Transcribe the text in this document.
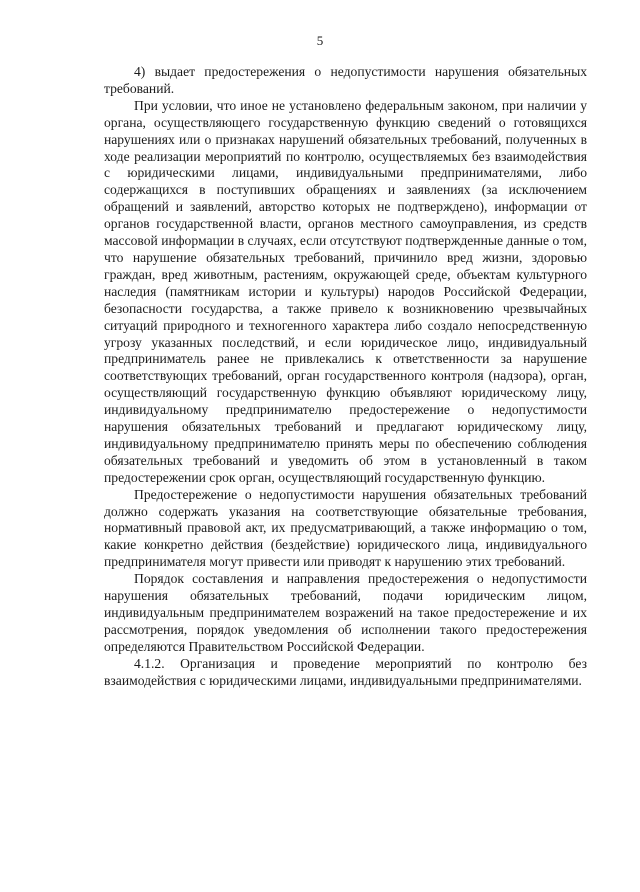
5

4) выдает предостережения о недопустимости нарушения обязательных требований.

При условии, что иное не установлено федеральным законом, при наличии у органа, осуществляющего государственную функцию сведений о готовящихся нарушениях или о признаках нарушений обязательных требований, полученных в ходе реализации мероприятий по контролю, осуществляемых без взаимодействия с юридическими лицами, индивидуальными предпринимателями, либо содержащихся в поступивших обращениях и заявлениях (за исключением обращений и заявлений, авторство которых не подтверждено), информации от органов государственной власти, органов местного самоуправления, из средств массовой информации в случаях, если отсутствуют подтвержденные данные о том, что нарушение обязательных требований, причинило вред жизни, здоровью граждан, вред животным, растениям, окружающей среде, объектам культурного наследия (памятникам истории и культуры) народов Российской Федерации, безопасности государства, а также привело к возникновению чрезвычайных ситуаций природного и техногенного характера либо создало непосредственную угрозу указанных последствий, и если юридическое лицо, индивидуальный предприниматель ранее не привлекались к ответственности за нарушение соответствующих требований, орган государственного контроля (надзора), орган, осуществляющий государственную функцию объявляют юридическому лицу, индивидуальному предпринимателю предостережение о недопустимости нарушения обязательных требований и предлагают юридическому лицу, индивидуальному предпринимателю принять меры по обеспечению соблюдения обязательных требований и уведомить об этом в установленный в таком предостережении срок орган, осуществляющий государственную функцию.

Предостережение о недопустимости нарушения обязательных требований должно содержать указания на соответствующие обязательные требования, нормативный правовой акт, их предусматривающий, а также информацию о том, какие конкретно действия (бездействие) юридического лица, индивидуального предпринимателя могут привести или приводят к нарушению этих требований.

Порядок составления и направления предостережения о недопустимости нарушения обязательных требований, подачи юридическим лицом, индивидуальным предпринимателем возражений на такое предостережение и их рассмотрения, порядок уведомления об исполнении такого предостережения определяются Правительством Российской Федерации.

4.1.2. Организация и проведение мероприятий по контролю без взаимодействия с юридическими лицами, индивидуальными предпринимателями.
